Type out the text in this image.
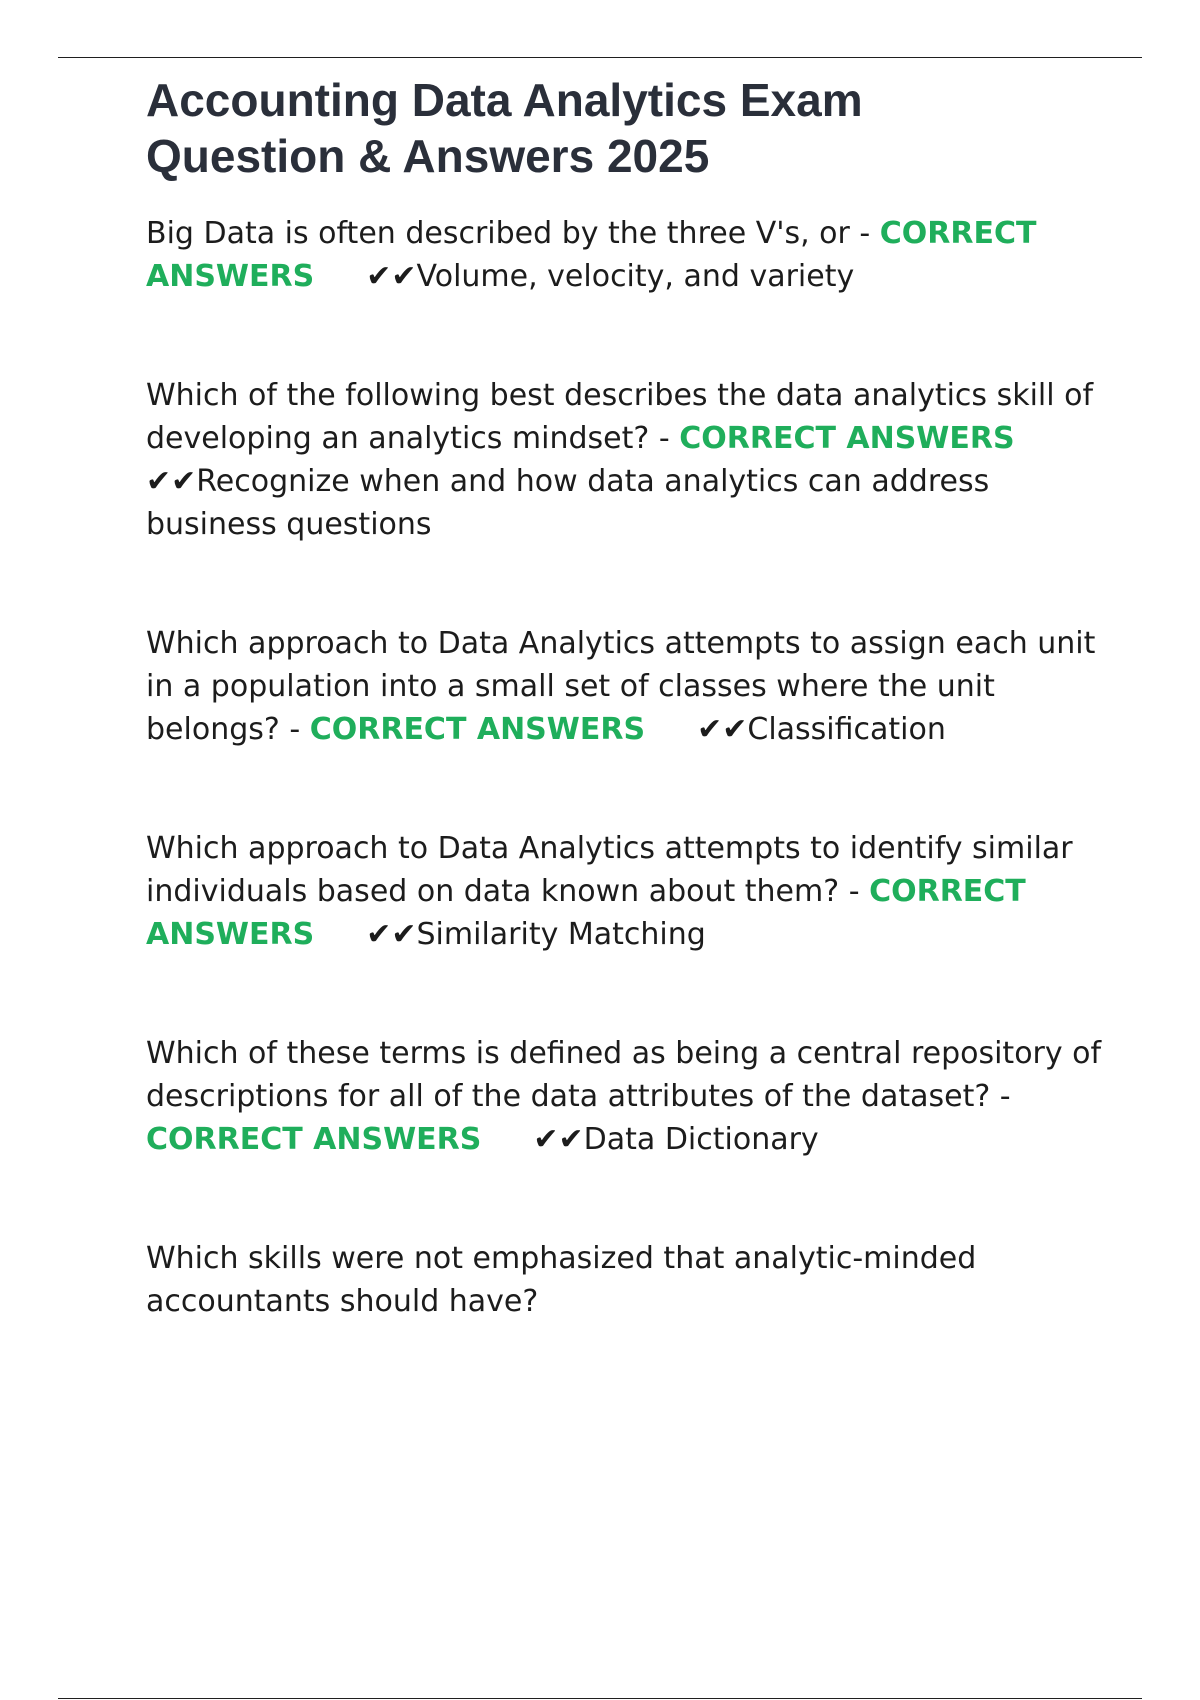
Accounting Data Analytics Exam Question & Answers 2025

Big Data is often described by the three V's, or - CORRECT ANSWERS ✔✔Volume, velocity, and variety

Which of the following best describes the data analytics skill of developing an analytics mindset? - CORRECT ANSWERS✔✔Recognize when and how data analytics can address business questions

Which approach to Data Analytics attempts to assign each unit in a population into a small set of classes where the unit belongs? - CORRECT ANSWERS ✔✔Classification

Which approach to Data Analytics attempts to identify similar individuals based on data known about them? - CORRECT ANSWERS ✔✔Similarity Matching

Which of these terms is defined as being a central repository of descriptions for all of the data attributes of the dataset? - CORRECT ANSWERS ✔✔Data Dictionary

Which skills were not emphasized that analytic-minded accountants should have?
